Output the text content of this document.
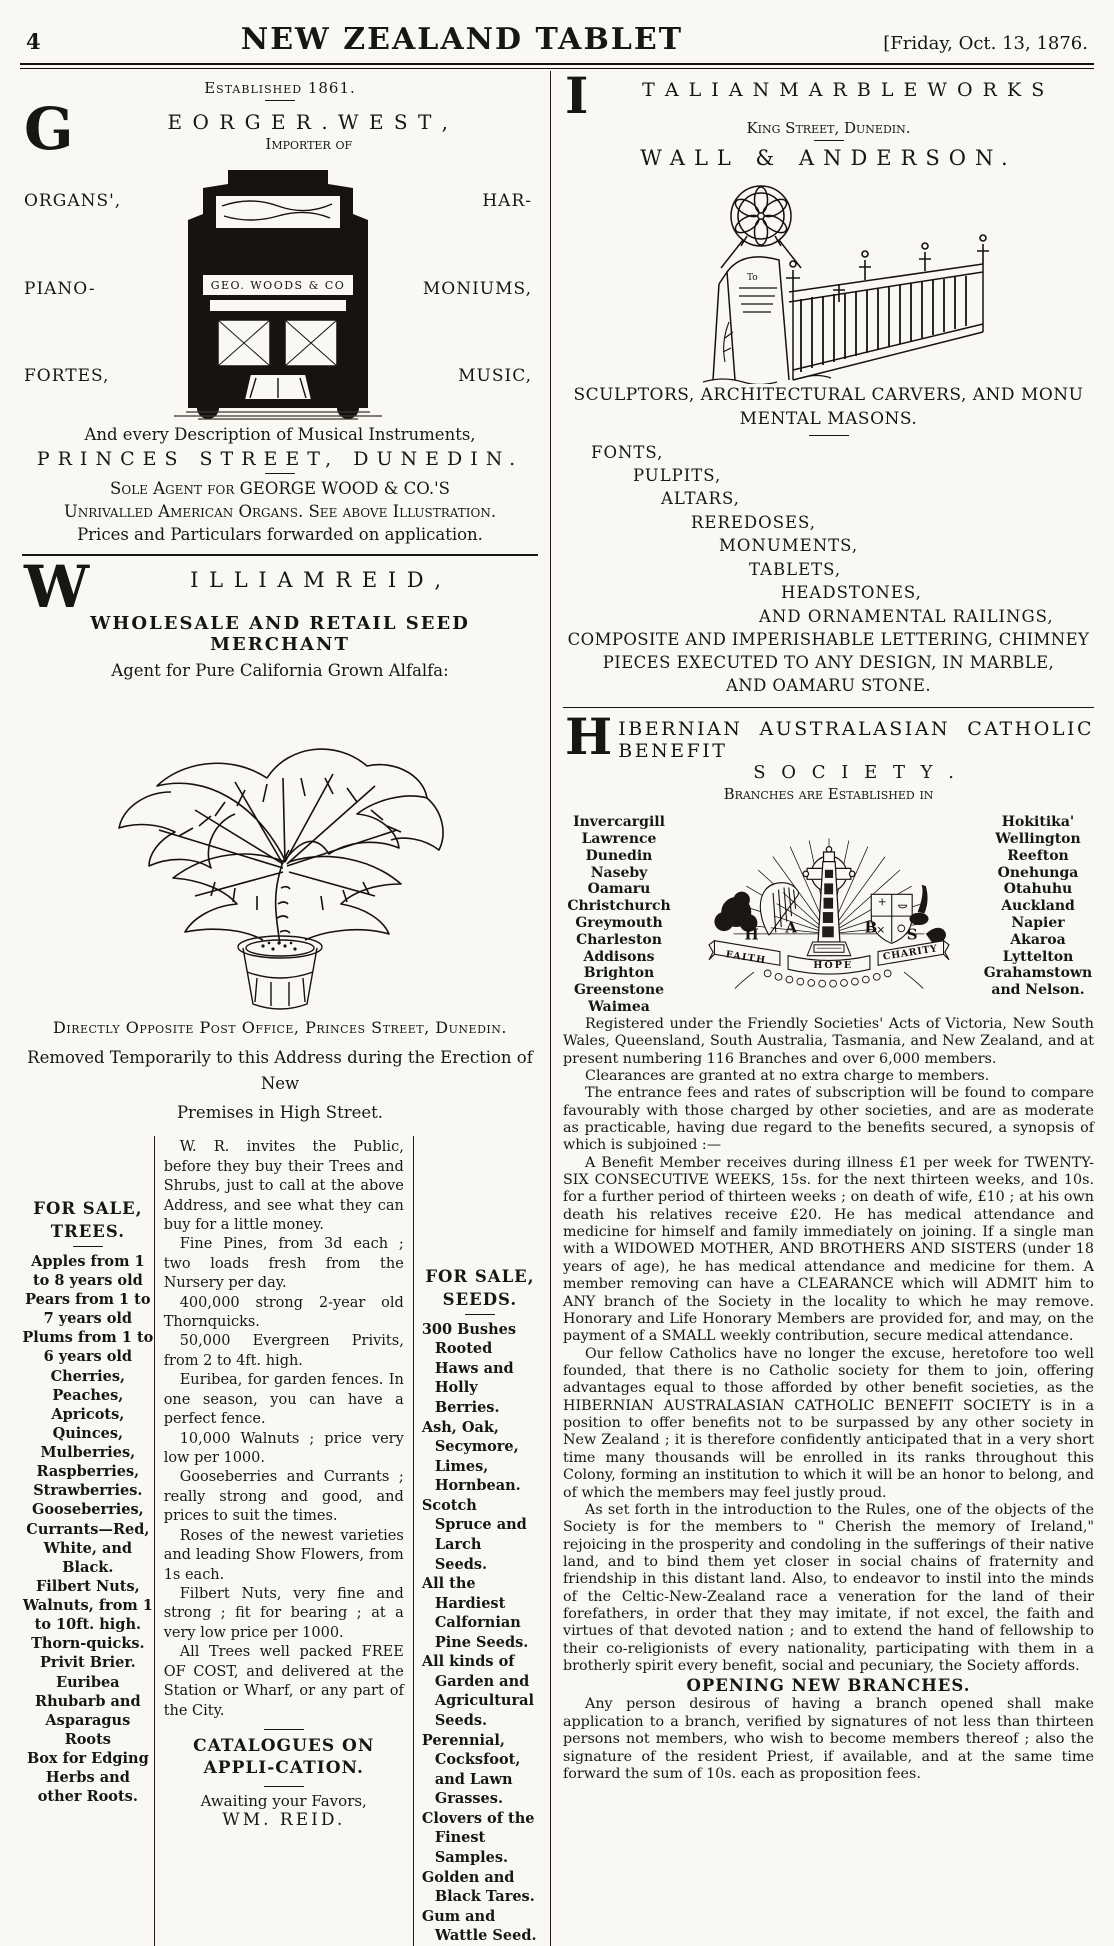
4	NEW ZEALAND TABLET	[Friday, Oct. 13, 1876.
Established 1861.
G	E O R G E R . W E S T ,
Importer of
ORGANS',
PIANO-
FORTES,
GEO. WOODS & CO
HAR-
MONIUMS,
MUSIC,
And every Description of Musical Instruments,
PRINCES STREET, DUNEDIN.
Sole Agent for GEORGE WOOD & CO.'S
Unrivalled American Organs. See above Illustration.
Prices and Particulars forwarded on application.
W	I L L I A M R E I D ,
WHOLESALE AND RETAIL SEED MERCHANT
Agent for Pure California Grown Alfalfa:
Directly Opposite Post Office, Princes Street, Dunedin.
Removed Temporarily to this Address during the Erection of New
Premises in High Street.
FOR SALE, TREES.
Apples from 1 to 8 years old
Pears from 1 to 7 years old
Plums from 1 to 6 years old
Cherries, Peaches, Apricots, Quinces, Mulberries, Raspberries, Strawberries.
Gooseberries, Currants—Red, White, and Black.
Filbert Nuts, Walnuts, from 1 to 10ft. high.
Thorn-quicks.
Privit Brier.
Euribea
Rhubarb and Asparagus Roots
Box for Edging
Herbs and other Roots.

W. R. invites the Public, before they buy their Trees and Shrubs, just to call at the above Address, and see what they can buy for a little money.

Fine Pines, from 3d each ; two loads fresh from the Nursery per day.

400,000 strong 2-year old Thornquicks.

50,000 Evergreen Privits, from 2 to 4ft. high.

Euribea, for garden fences. In one season, you can have a perfect fence.

10,000 Walnuts ; price very low per 1000.

Gooseberries and Currants ; really strong and good, and prices to suit the times.

Roses of the newest varieties and leading Show Flowers, from 1s each.

Filbert Nuts, very fine and strong ; fit for bearing ; at a very low price per 1000.

All Trees well packed FREE OF COST, and delivered at the Station or Wharf, or any part of the City.

CATALOGUES ON APPLI-CATION.
Awaiting your Favors,
WM. REID.
FOR SALE, SEEDS.
300 Bushes Rooted Haws and Holly Berries.
Ash, Oak, Secymore, Limes, Hornbean.
Scotch Spruce and Larch Seeds.
All the Hardiest Calfornian Pine Seeds.
All kinds of Garden and Agricultural Seeds.
Perennial, Cocksfoot, and Lawn Grasses.
Clovers of the Finest Samples.
Golden and Black Tares.
Gum and Wattle Seed.
I	T A L I A N M A R B L E W O R K S
King Street, Dunedin.
WALL & ANDERSON.
To
SCULPTORS, ARCHITECTURAL CARVERS, AND MONU
MENTAL MASONS.
FONTS,
PULPITS,
ALTARS,
REREDOSES,
MONUMENTS,
TABLETS,
HEADSTONES,
AND ORNAMENTAL RAILINGS,
COMPOSITE AND IMPERISHABLE LETTERING, CHIMNEY
PIECES EXECUTED TO ANY DESIGN, IN MARBLE,
AND OAMARU STONE.
H IBERNIAN AUSTRALASIAN CATHOLIC BENEFIT
S O C I E T Y .
Branches are Established in
Invercargill
Lawrence
Dunedin
Naseby
Oamaru
Christchurch
Greymouth
Charleston
Addisons
Brighton
Greenstone
Waimea
H A	B S
FAITH	HOPE
CHARITY
Hokitika'
Wellington
Reefton
Onehunga
Otahuhu
Auckland
Napier
Akaroa
Lyttelton
Grahamstown
and Nelson.

Registered under the Friendly Societies' Acts of Victoria, New South Wales, Queensland, South Australia, Tasmania, and New Zealand, and at present numbering 116 Branches and over 6,000 members.

Clearances are granted at no extra charge to members.

The entrance fees and rates of subscription will be found to compare favourably with those charged by other societies, and are as moderate as practicable, having due regard to the benefits secured, a synopsis of which is subjoined :—

A Benefit Member receives during illness £1 per week for TWENTY-SIX CONSECUTIVE WEEKS, 15s. for the next thirteen weeks, and 10s. for a further period of thirteen weeks ; on death of wife, £10 ; at his own death his relatives receive £20. He has medical attendance and medicine for himself and family immediately on joining. If a single man with a WIDOWED MOTHER, AND BROTHERS AND SISTERS (under 18 years of age), he has medical attendance and medicine for them. A member removing can have a CLEARANCE which will ADMIT him to ANY branch of the Society in the locality to which he may remove. Honorary and Life Honorary Members are provided for, and may, on the payment of a SMALL weekly contribution, secure medical attendance.

Our fellow Catholics have no longer the excuse, heretofore too well founded, that there is no Catholic society for them to join, offering advantages equal to those afforded by other benefit societies, as the HIBERNIAN AUSTRALASIAN CATHOLIC BENEFIT SOCIETY is in a position to offer benefits not to be surpassed by any other society in New Zealand ; it is therefore confidently anticipated that in a very short time many thousands will be enrolled in its ranks throughout this Colony, forming an institution to which it will be an honor to belong, and of which the members may feel justly proud.

As set forth in the introduction to the Rules, one of the objects of the Society is for the members to " Cherish the memory of Ireland," rejoicing in the prosperity and condoling in the sufferings of their native land, and to bind them yet closer in social chains of fraternity and friendship in this distant land. Also, to endeavor to instil into the minds of the Celtic-New-Zealand race a veneration for the land of their forefathers, in order that they may imitate, if not excel, the faith and virtues of that devoted nation ; and to extend the hand of fellowship to their co-religionists of every nationality, participating with them in a brotherly spirit every benefit, social and pecuniary, the Society affords.

OPENING NEW BRANCHES.

Any person desirous of having a branch opened shall make application to a branch, verified by signatures of not less than thirteen persons not members, who wish to become members thereof ; also the signature of the resident Priest, if available, and at the same time forward the sum of 10s. each as proposition fees.
